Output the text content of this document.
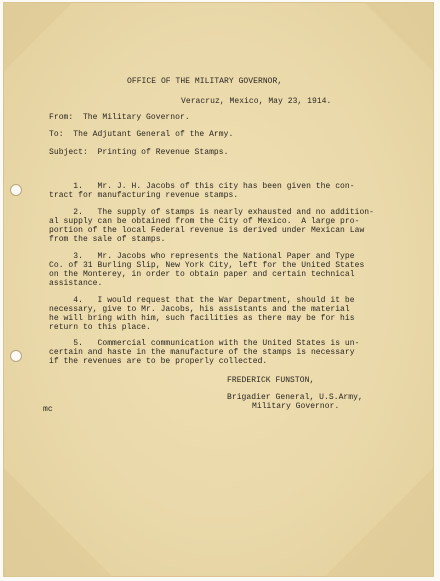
OFFICE OF THE MILITARY GOVERNOR,
Veracruz, Mexico, May 23, 1914.
From:  The Military Governor.
To:  The Adjutant General of the Army.
Subject:  Printing of Revenue Stamps.
1.   Mr. J. H. Jacobs of this city has been given the con-
tract for manufacturing revenue stamps.
2.   The supply of stamps is nearly exhausted and no addition-
al supply can be obtained from the City of Mexico.  A large pro-
portion of the local Federal revenue is derived under Mexican Law
from the sale of stamps.
3.   Mr. Jacobs who represents the National Paper and Type
Co. of 31 Burling Slip, New York City, left for the United States
on the Monterey, in order to obtain paper and certain technical
assistance.
4.   I would request that the War Department, should it be
necessary, give to Mr. Jacobs, his assistants and the material
he will bring with him, such facilities as there may be for his
return to this place.
5.   Commercial communication with the United States is un-
certain and haste in the manufacture of the stamps is necessary
if the revenues are to be properly collected.
FREDERICK FUNSTON,
Brigadier General, U.S.Army,
Military Governor.
mc
